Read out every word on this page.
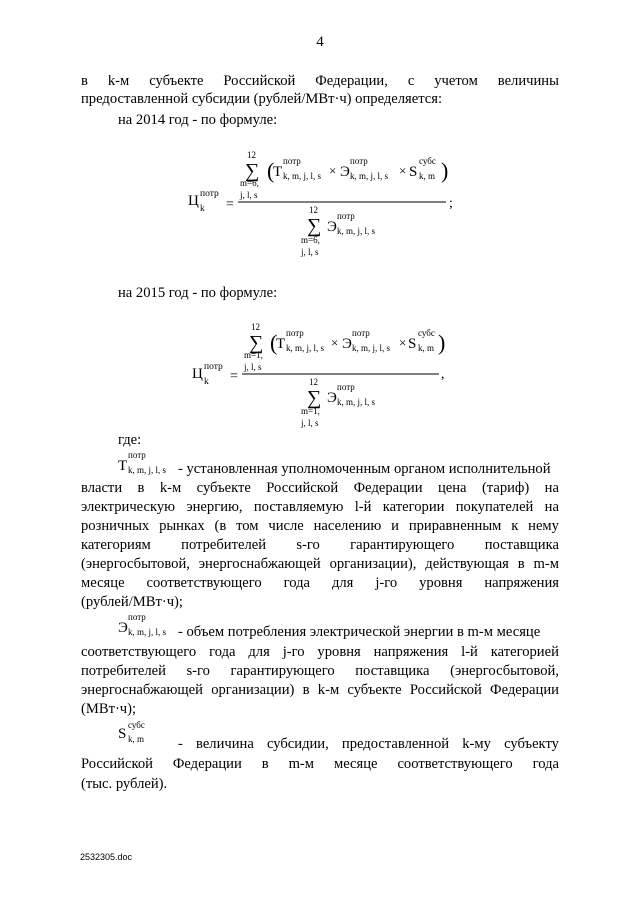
4
в k-м субъекте Российской Федерации, с учетом величины
предоставленной субсидии (рублей/МВт·ч) определяется:
на 2014 год - по формуле:
Ц потр
k =
12
∑
m=6,
j, l, s
(
Т
потр
k, m, j, l, s × Э
потр
k, m, j, l, s × S
субс
k, m )
;
12
∑
m=6,
j, l, s
Э
потр
k, m, j, l, s
на 2015 год - по формуле:
Ц потр
k =
12
∑
m=1,
j, l, s
(
Т
потр
k, m, j, l, s × Э
потр
k, m, j, l, s × S
субс
k, m )
,
12
∑
m=1,
j, l, s
Э
потр
k, m, j, l, s
где:
Т
потр
k, m, j, l, s - установленная уполномоченным органом исполнительной
власти в k-м субъекте Российской Федерации цена (тариф) на
электрическую энергию, поставляемую l-й категории покупателей на
розничных рынках (в том числе населению и приравненным к нему
категориям потребителей s-го гарантирующего поставщика
(энергосбытовой, энергоснабжающей организации), действующая в m-м
месяце соответствующего года для j-го уровня напряжения
(рублей/МВт·ч);
Э
потр
k, m, j, l, s - объем потребления электрической энергии в m-м месяце
соответствующего года для j-го уровня напряжения l-й категорией
потребителей s-го гарантирующего поставщика (энергосбытовой,
энергоснабжающей организации) в k-м субъекте Российской Федерации
(МВт·ч);
S
субс
k, m - величина субсидии, предоставленной k-му субъекту
Российской Федерации в m-м месяце соответствующего года
(тыс. рублей).
2532305.doc
